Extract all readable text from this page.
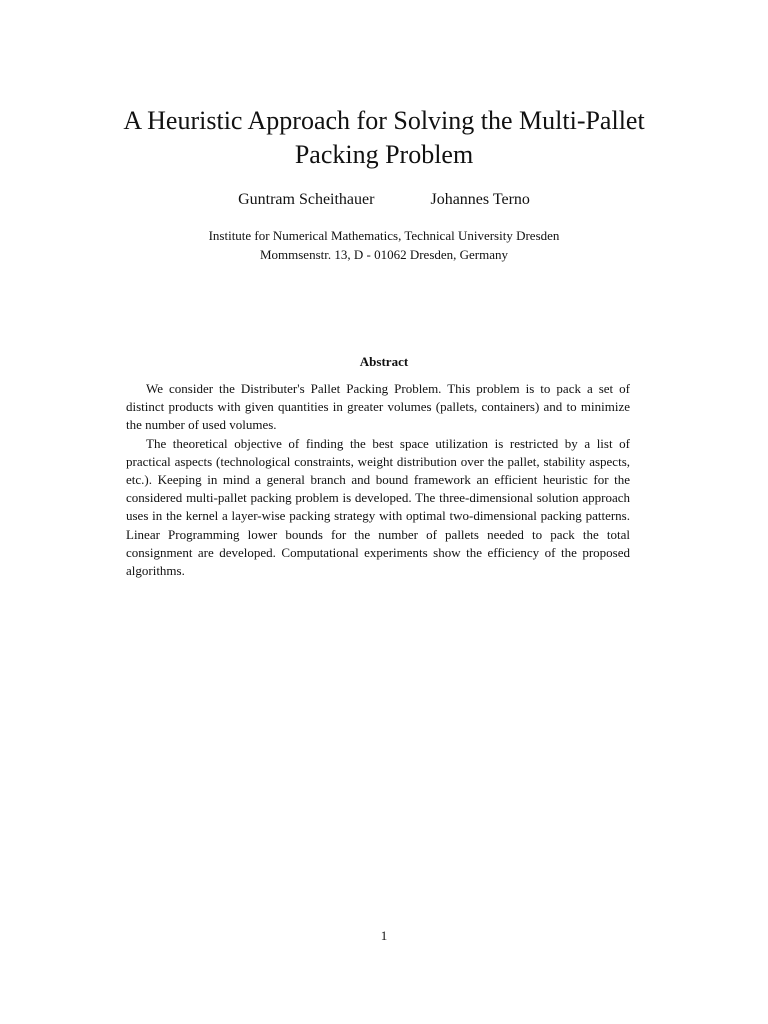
A Heuristic Approach for Solving the Multi-Pallet
Packing Problem
Guntram Scheithauer	Johannes Terno
Institute for Numerical Mathematics, Technical University Dresden
Mommsenstr. 13, D - 01062 Dresden, Germany
Abstract

We consider the Distributer's Pallet Packing Problem. This problem is to pack a set of distinct products with given quantities in greater volumes (pallets, containers) and to minimize the number of used volumes.

The theoretical objective of finding the best space utilization is restricted by a list of practical aspects (technological constraints, weight distribution over the pallet, stability aspects, etc.). Keeping in mind a general branch and bound framework an efficient heuristic for the considered multi-pallet packing problem is developed. The three-dimensional solution approach uses in the kernel a layer-wise packing strategy with optimal two-dimensional packing patterns. Linear Programming lower bounds for the number of pallets needed to pack the total consignment are developed. Computational experiments show the efficiency of the proposed algorithms.

1
